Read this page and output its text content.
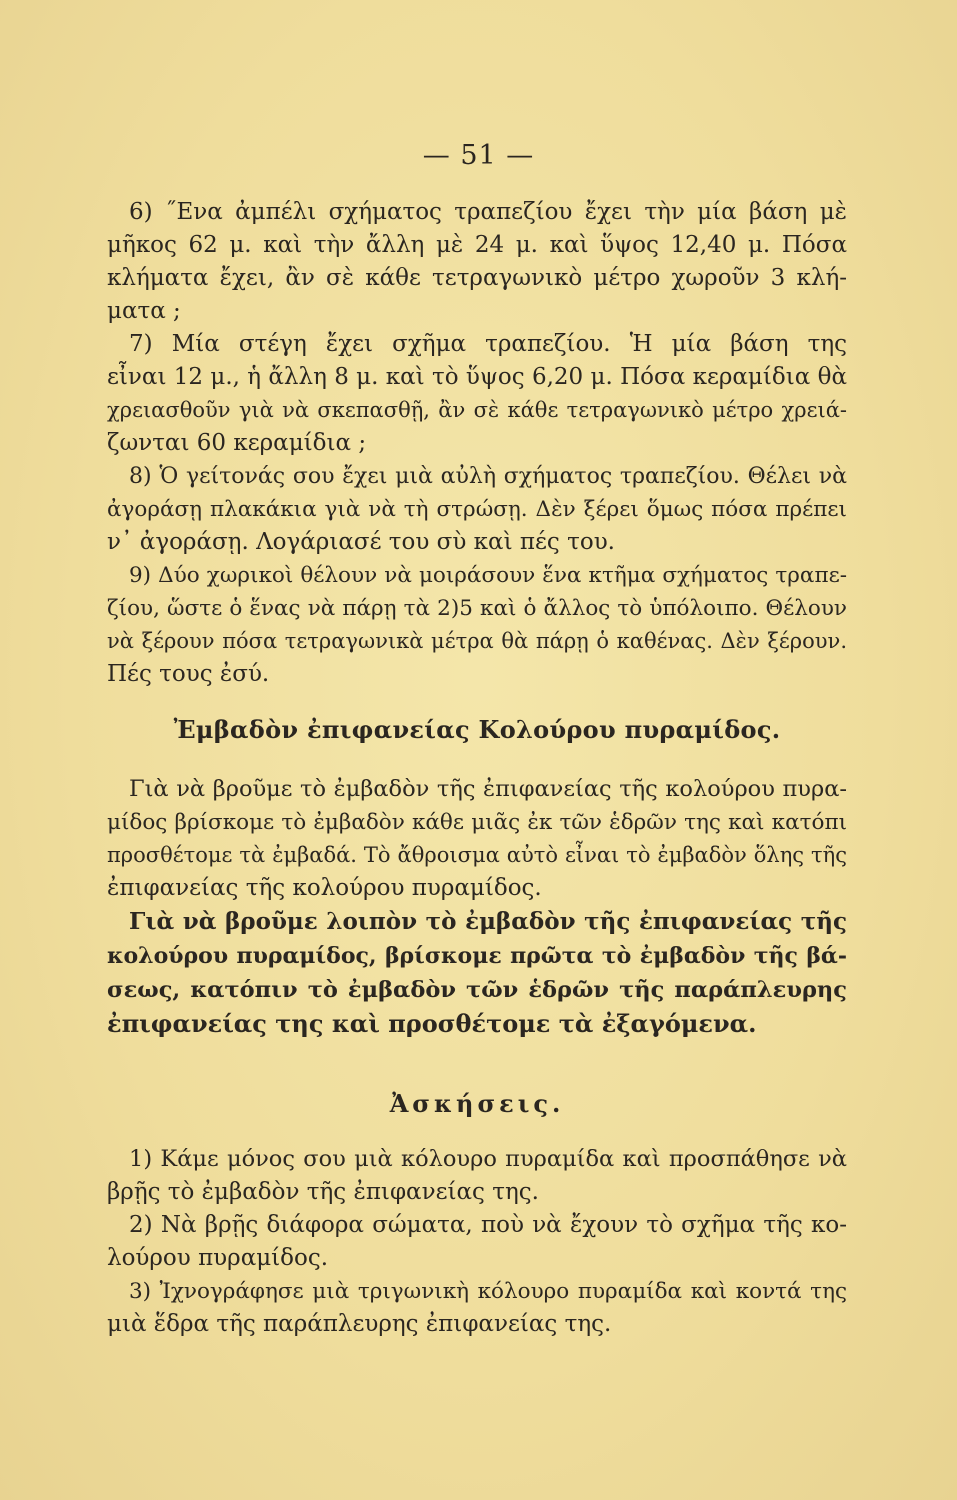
— 51 —
6) ˝Ενα ἀμπέλι σχήματος τραπεζίου ἔχει τὴν μία βάση μὲ
μῆκος 62 μ. καὶ τὴν ἄλλη μὲ 24 μ. καὶ ὕψος 12,40 μ. Πόσα
κλήματα ἔχει, ἂν σὲ κάθε τετραγωνικὸ μέτρο χωροῦν 3 κλή-
ματα ;
7) Μία στέγη ἔχει σχῆμα τραπεζίου. Ἡ μία βάση της
εἶναι 12 μ., ἡ ἄλλη 8 μ. καὶ τὸ ὕψος 6,20 μ. Πόσα κεραμίδια θὰ
χρειασθοῦν γιὰ νὰ σκεπασθῇ, ἂν σὲ κάθε τετραγωνικὸ μέτρο χρειά-
ζωνται 60 κεραμίδια ;
8) Ὁ γείτονάς σου ἔχει μιὰ αὐλὴ σχήματος τραπεζίου. Θέλει νὰ
ἀγοράσῃ πλακάκια γιὰ νὰ τὴ στρώσῃ. Δὲν ξέρει ὅμως πόσα πρέπει
ν᾿ ἀγοράσῃ. Λογάριασέ του σὺ καὶ πές του.
9) Δύο χωρικοὶ θέλουν νὰ μοιράσουν ἕνα κτῆμα σχήματος τραπε-
ζίου, ὥστε ὁ ἕνας νὰ πάρῃ τὰ 2)5 καὶ ὁ ἄλλος τὸ ὑπόλοιπο. Θέλουν
νὰ ξέρουν πόσα τετραγωνικὰ μέτρα θὰ πάρῃ ὁ καθένας. Δὲν ξέρουν.
Πές τους ἐσύ.
Ἐμβαδὸν ἐπιφανείας Κολούρου πυραμίδος.
Γιὰ νὰ βροῦμε τὸ ἐμβαδὸν τῆς ἐπιφανείας τῆς κολούρου πυρα-
μίδος βρίσκομε τὸ ἐμβαδὸν κάθε μιᾶς ἐκ τῶν ἑδρῶν της καὶ κατόπι
προσθέτομε τὰ ἐμβαδά. Τὸ ἄθροισμα αὐτὸ εἶναι τὸ ἐμβαδὸν ὅλης τῆς
ἐπιφανείας τῆς κολούρου πυραμίδος.
Γιὰ νὰ βροῦμε λοιπὸν τὸ ἐμβαδὸν τῆς ἐπιφανείας τῆς
κολούρου πυραμίδος, βρίσκομε πρῶτα τὸ ἐμβαδὸν τῆς βά-
σεως, κατόπιν τὸ ἐμβαδὸν τῶν ἑδρῶν τῆς παράπλευρης
ἐπιφανείας της καὶ προσθέτομε τὰ ἐξαγόμενα.
Ἀσκήσεις.
1) Κάμε μόνος σου μιὰ κόλουρο πυραμίδα καὶ προσπάθησε νὰ
βρῇς τὸ ἐμβαδὸν τῆς ἐπιφανείας της.
2) Νὰ βρῇς διάφορα σώματα, ποὺ νὰ ἔχουν τὸ σχῆμα τῆς κο-
λούρου πυραμίδος.
3) Ἰχνογράφησε μιὰ τριγωνικὴ κόλουρο πυραμίδα καὶ κοντά της
μιὰ ἕδρα τῆς παράπλευρης ἐπιφανείας της.
